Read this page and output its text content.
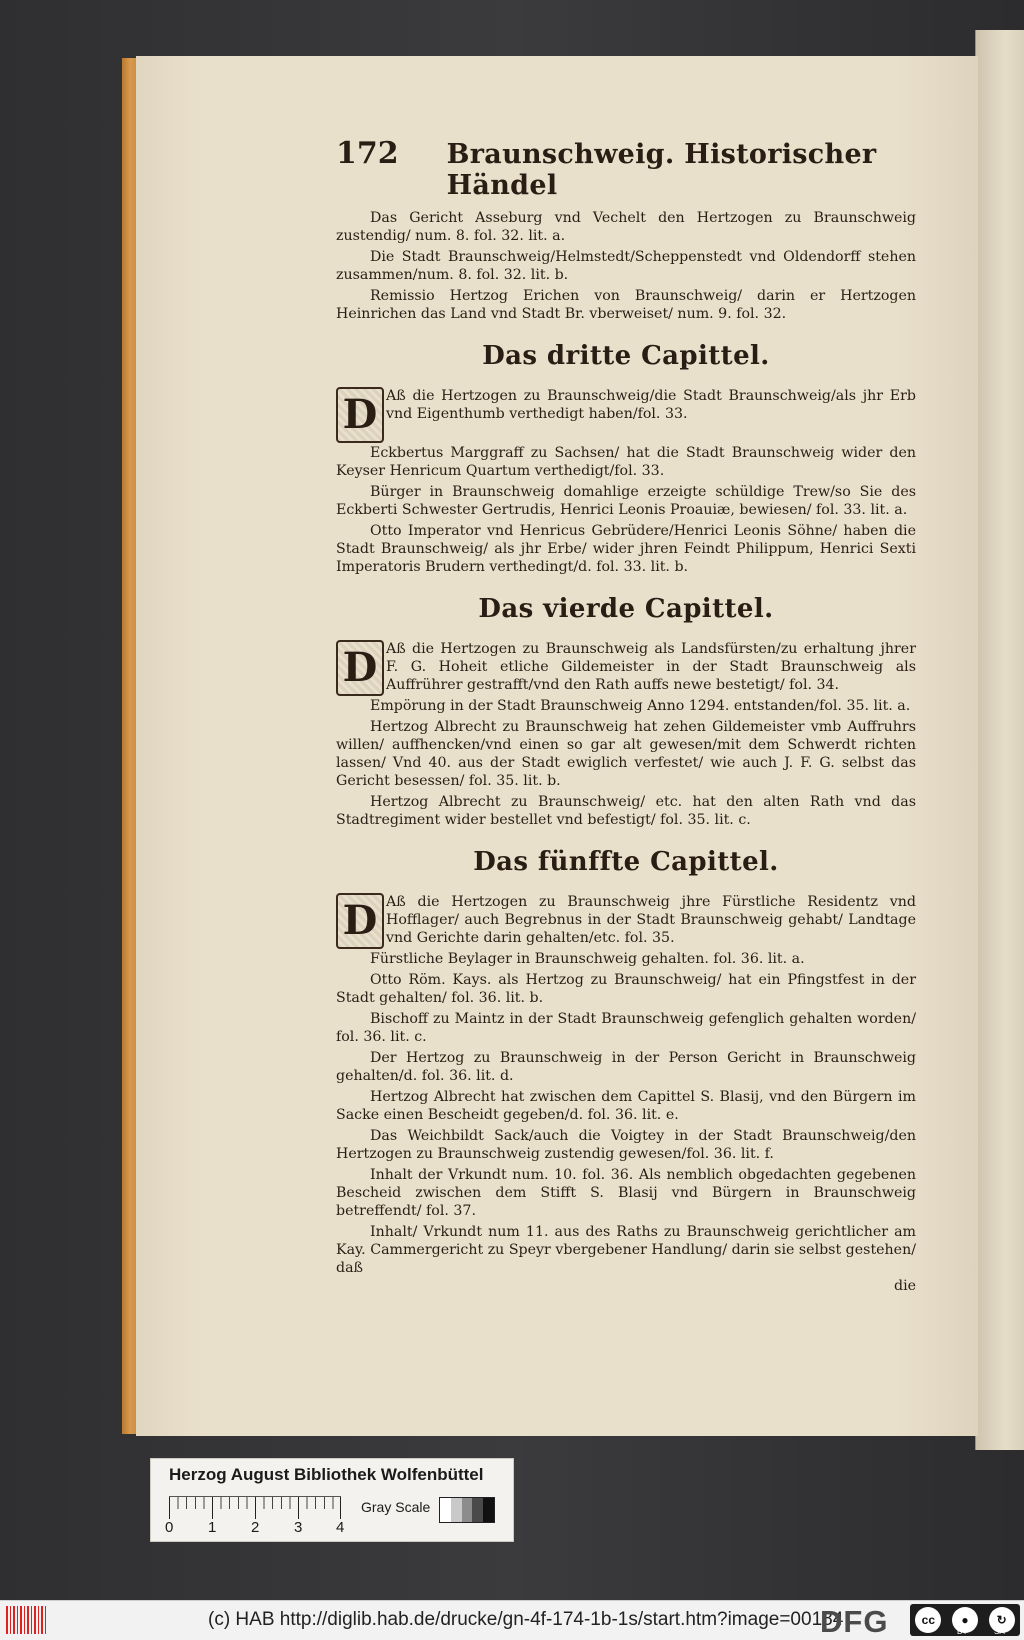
172 Braunschweig. Historischer Händel

Das Gericht Asseburg vnd Vechelt den Hertzogen zu Braunschweig zustendig/ num. 8. fol. 32. lit. a.

Die Stadt Braunschweig/Helmstedt/Scheppenstedt vnd Oldendorff stehen zusammen/num. 8. fol. 32. lit. b.

Remissio Hertzog Erichen von Braunschweig/ darin er Hertzogen Heinrichen das Land vnd Stadt Br. vberweiset/ num. 9. fol. 32.

Das dritte Capittel.

D Aß die Hertzogen zu Braunschweig/die Stadt Braunschweig/als jhr Erb vnd Eigenthumb verthedigt haben/fol. 33.

Eckbertus Marggraff zu Sachsen/ hat die Stadt Braunschweig wider den Keyser Henricum Quartum verthedigt/fol. 33.

Bürger in Braunschweig domahlige erzeigte schüldige Trew/so Sie des Eckberti Schwester Gertrudis, Henrici Leonis Proauiæ, bewiesen/ fol. 33. lit. a.

Otto Imperator vnd Henricus Gebrüdere/Henrici Leonis Söhne/ haben die Stadt Braunschweig/ als jhr Erbe/ wider jhren Feindt Philippum, Henrici Sexti Imperatoris Brudern verthedingt/d. fol. 33. lit. b.

Das vierde Capittel.

D Aß die Hertzogen zu Braunschweig als Landsfürsten/zu erhaltung jhrer F. G. Hoheit etliche Gildemeister in der Stadt Braunschweig als Auffrührer gestrafft/vnd den Rath auffs newe bestetigt/ fol. 34.

Empörung in der Stadt Braunschweig Anno 1294. entstanden/fol. 35. lit. a.

Hertzog Albrecht zu Braunschweig hat zehen Gildemeister vmb Auffruhrs willen/ auffhencken/vnd einen so gar alt gewesen/mit dem Schwerdt richten lassen/ Vnd 40. aus der Stadt ewiglich verfestet/ wie auch J. F. G. selbst das Gericht besessen/ fol. 35. lit. b.

Hertzog Albrecht zu Braunschweig/ etc. hat den alten Rath vnd das Stadtregiment wider bestellet vnd befestigt/ fol. 35. lit. c.

Das fünffte Capittel.

D Aß die Hertzogen zu Braunschweig jhre Fürstliche Residentz vnd Hofflager/ auch Begrebnus in der Stadt Braunschweig gehabt/ Landtage vnd Gerichte darin gehalten/etc. fol. 35.

Fürstliche Beylager in Braunschweig gehalten. fol. 36. lit. a.

Otto Röm. Kays. als Hertzog zu Braunschweig/ hat ein Pfingstfest in der Stadt gehalten/ fol. 36. lit. b.

Bischoff zu Maintz in der Stadt Braunschweig gefenglich gehalten worden/ fol. 36. lit. c.

Der Hertzog zu Braunschweig in der Person Gericht in Braunschweig gehalten/d. fol. 36. lit. d.

Hertzog Albrecht hat zwischen dem Capittel S. Blasij, vnd den Bürgern im Sacke einen Bescheidt gegeben/d. fol. 36. lit. e.

Das Weichbildt Sack/auch die Voigtey in der Stadt Braunschweig/den Hertzogen zu Braunschweig zustendig gewesen/fol. 36. lit. f.

Inhalt der Vrkundt num. 10. fol. 36. Als nemblich obgedachten gegebenen Bescheid zwischen dem Stifft S. Blasij vnd Bürgern in Braunschweig betreffendt/ fol. 37.

Inhalt/ Vrkundt num 11. aus des Raths zu Braunschweig gerichtlicher am Kay. Cammergericht zu Speyr vbergebener Handlung/ darin sie selbst gestehen/ daß

die
Herzog August Bibliothek Wolfenbüttel
0 1 2 3 4
Gray Scale
(c) HAB http://diglib.hab.de/drucke/gn-4f-174-1b-1s/start.htm?image=00184
DFG	cc	●	↻
BY	SA
